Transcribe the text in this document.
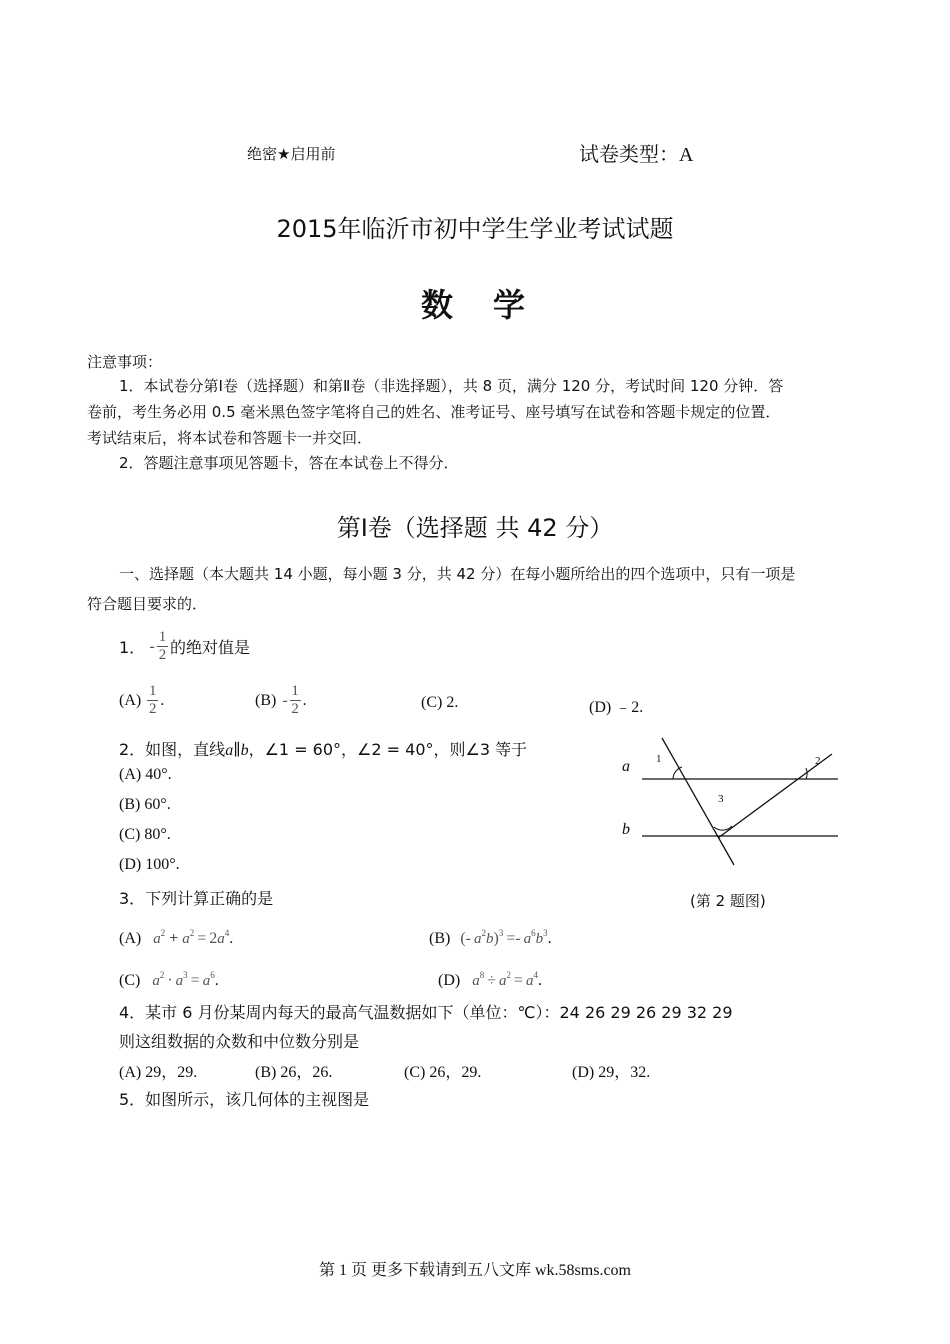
绝密★启用前	试卷类型：A
2015年临沂市初中学生学业考试试题
数　学
注意事项：
1．本试卷分第Ⅰ卷（选择题）和第Ⅱ卷（非选择题），共 8 页，满分 120 分，考试时间 120 分钟．答
卷前，考生务必用 0.5 毫米黑色签字笔将自己的姓名、准考证号、座号填写在试卷和答题卡规定的位置．
考试结束后，将本试卷和答题卡一并交回．
2．答题注意事项见答题卡，答在本试卷上不得分．
第Ⅰ卷（选择题 共 42 分）
一、选择题（本大题共 14 小题，每小题 3 分，共 42 分）在每小题所给出的四个选项中，只有一项是
符合题目要求的．
1． - $\frac{1}{2}$ 的绝对值是
$(A) \frac{1}{2}$ .	$(B) - \frac{1}{2}$ .	(C) 2.	(D) ﹣2.
2．如图，直线a∥b，∠1 = 60°，∠2 = 40°，则∠3 等于
(A) 40°.
(B) 60°.
(C) 80°.
(D) 100°.
a
b
1	2
3
(第 2 题图)
3．下列计算正确的是
(A) $a^2 + a^2 = 2a^4$.	(B) (- $a^2b)^3 =- a^6b^3$.
(C) $a^2 \cdot a^3 = a^6$.	(D) $a^8 \div a^2 = a^4$.
4．某市 6 月份某周内每天的最高气温数据如下（单位：℃）：24 26 29 26 29 32 29
则这组数据的众数和中位数分别是
(A) 29，29.	(B) 26，26.	(C) 26，29.	(D) 29，32.
5．如图所示，该几何体的主视图是
第 1 页 更多下载请到五八文库 wk.58sms.com
